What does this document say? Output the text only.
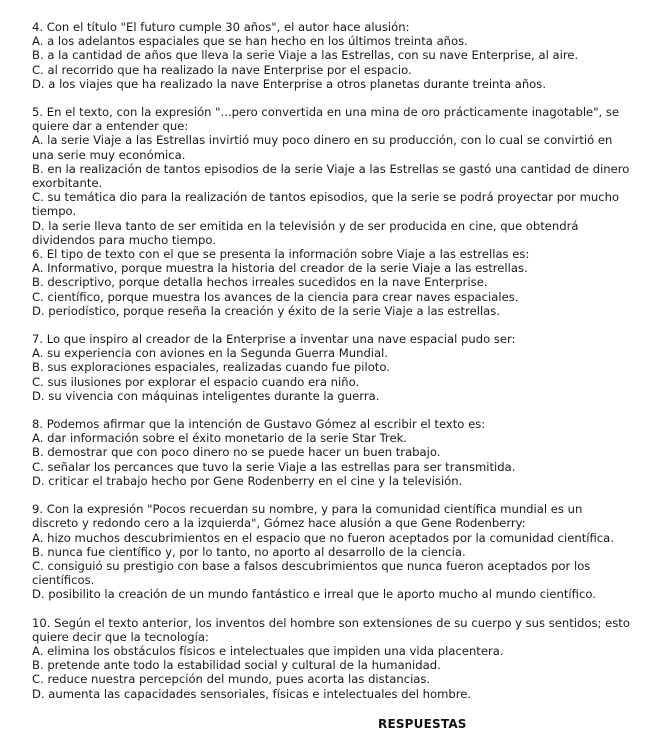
4. Con el título "El futuro cumple 30 años", el autor hace alusión:

A. a los adelantos espaciales que se han hecho en los últimos treinta años.

B. a la cantidad de años que lleva la serie Viaje a las Estrellas, con su nave Enterprise, al aire.

C. al recorrido que ha realizado la nave Enterprise por el espacio.

D. a los viajes que ha realizado la nave Enterprise a otros planetas durante treinta años.

5. En el texto, con la expresión "...pero convertida en una mina de oro prácticamente inagotable", se quiere dar a entender que:

A. la serie Viaje a las Estrellas invirtió muy poco dinero en su producción, con lo cual se convirtió en una serie muy económica.

B. en la realización de tantos episodios de la serie Viaje a las Estrellas se gastó una cantidad de dinero exorbitante.

C. su temática dio para la realización de tantos episodios, que la serie se podrá proyectar por mucho tiempo.

D. la serie lleva tanto de ser emitida en la televisión y de ser producida en cine, que obtendrá dividendos para mucho tiempo.

6. El tipo de texto con el que se presenta la información sobre Viaje a las estrellas es:

A. Informativo, porque muestra la historia del creador de la serie Viaje a las estrellas.

B. descriptivo, porque detalla hechos irreales sucedidos en la nave Enterprise.

C. científico, porque muestra los avances de la ciencia para crear naves espaciales.

D. periodístico, porque reseña la creación y éxito de la serie Viaje a las estrellas.

7. Lo que inspiro al creador de la Enterprise a inventar una nave espacial pudo ser:

A. su experiencia con aviones en la Segunda Guerra Mundial.

B. sus exploraciones espaciales, realizadas cuando fue piloto.

C. sus ilusiones por explorar el espacio cuando era niño.

D. su vivencia con máquinas inteligentes durante la guerra.

8. Podemos afirmar que la intención de Gustavo Gómez al escribir el texto es:

A. dar información sobre el éxito monetario de la serie Star Trek.

B. demostrar que con poco dinero no se puede hacer un buen trabajo.

C. señalar los percances que tuvo la serie Viaje a las estrellas para ser transmitida.

D. criticar el trabajo hecho por Gene Rodenberry en el cine y la televisión.

9. Con la expresión "Pocos recuerdan su nombre, y para la comunidad científica mundial es un discreto y redondo cero a la izquierda", Gómez hace alusión a que Gene Rodenberry:

A. hizo muchos descubrimientos en el espacio que no fueron aceptados por la comunidad científica.

B. nunca fue científico y, por lo tanto, no aporto al desarrollo de la ciencia.

C. consiguió su prestigio con base a falsos descubrimientos que nunca fueron aceptados por los científicos.

D. posibilito la creación de un mundo fantástico e irreal que le aporto mucho al mundo científico.

10. Según el texto anterior, los inventos del hombre son extensiones de su cuerpo y sus sentidos; esto quiere decir que la tecnología:

A. elimina los obstáculos físicos e intelectuales que impiden una vida placentera.

B. pretende ante todo la estabilidad social y cultural de la humanidad.

C. reduce nuestra percepción del mundo, pues acorta las distancias.

D. aumenta las capacidades sensoriales, físicas e intelectuales del hombre.

RESPUESTAS
